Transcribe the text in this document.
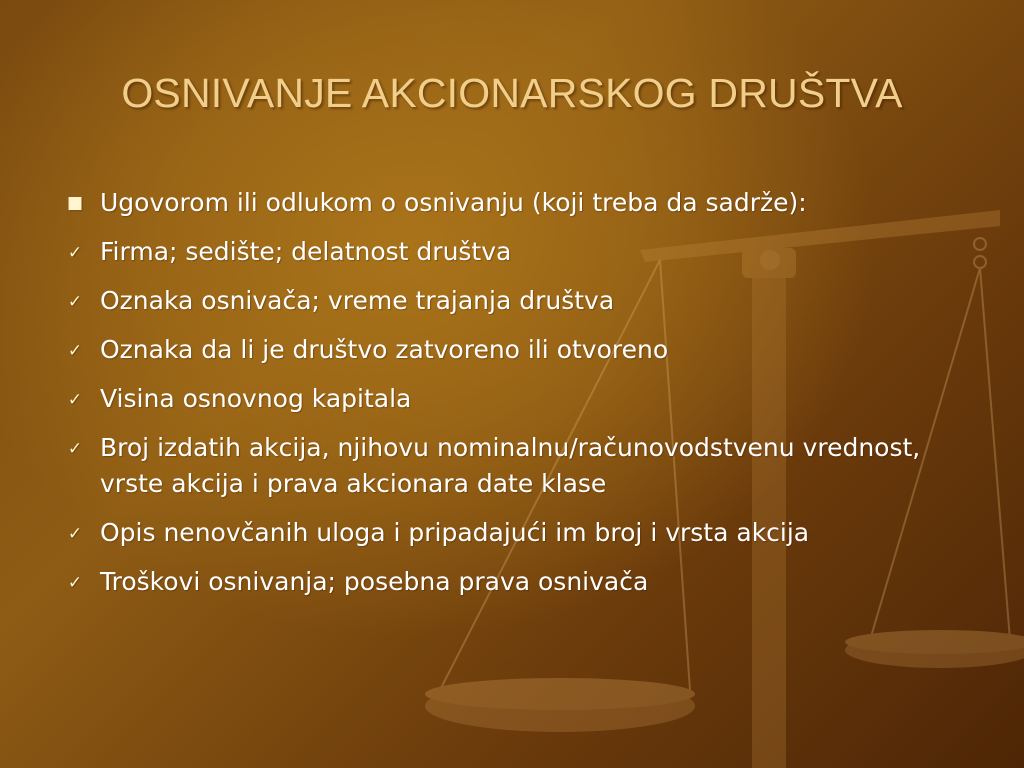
OSNIVANJE AKCIONARSKOG DRUŠTVA
■ Ugovorom ili odlukom o osnivanju (koji treba da sadrže):
✓ Firma; sedište; delatnost društva
✓ Oznaka osnivača; vreme trajanja društva
✓ Oznaka da li je društvo zatvoreno ili otvoreno
✓ Visina osnovnog kapitala
✓ Broj izdatih akcija, njihovu nominalnu/računovodstvenu vrednost, vrste akcija i prava akcionara date klase
✓ Opis nenovčanih uloga i pripadajući im broj i vrsta akcija
✓ Troškovi osnivanja; posebna prava osnivača
